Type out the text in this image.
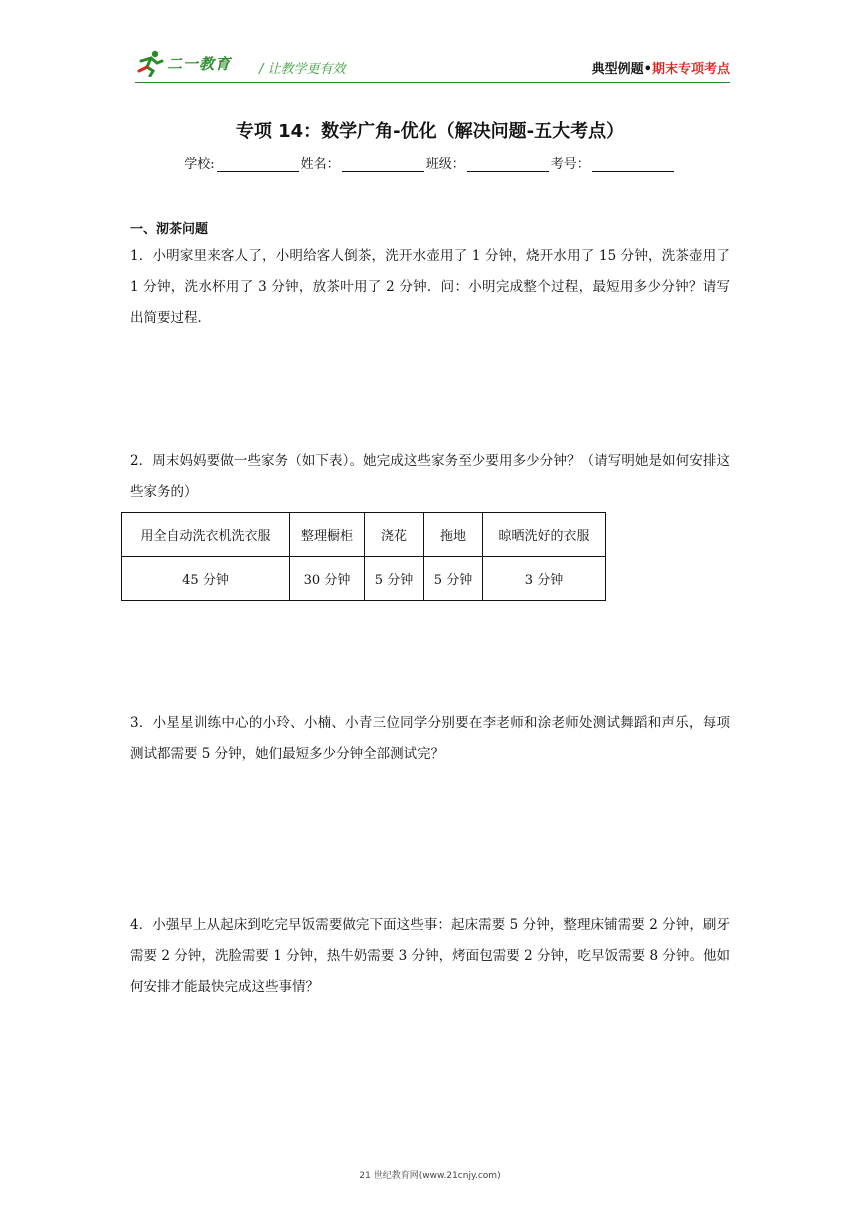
二一教育 / 让教学更有效	典型例题•期末专项考点
专项 14：数学广角-优化（解决问题-五大考点）
学校:	姓名：	班级：	考号：
一、沏茶问题
1．小明家里来客人了，小明给客人倒茶，洗开水壶用了 1 分钟，烧开水用了 15 分钟，洗茶壶用了 1 分钟，洗水杯用了 3 分钟，放茶叶用了 2 分钟．问：小明完成整个过程，最短用多少分钟？请写出简要过程．
2．周末妈妈要做一些家务（如下表）。她完成这些家务至少要用多少分钟？（请写明她是如何安排这些家务的）
用全自动洗衣机洗衣服	整理橱柜	浇花	拖地	晾晒洗好的衣服
45 分钟	30 分钟	5 分钟	5 分钟	3 分钟
3．小星星训练中心的小玲、小楠、小青三位同学分别要在李老师和涂老师处测试舞蹈和声乐，每项测试都需要 5 分钟，她们最短多少分钟全部测试完？
4．小强早上从起床到吃完早饭需要做完下面这些事：起床需要 5 分钟，整理床铺需要 2 分钟，刷牙需要 2 分钟，洗脸需要 1 分钟，热牛奶需要 3 分钟，烤面包需要 2 分钟，吃早饭需要 8 分钟。他如何安排才能最快完成这些事情？
21 世纪教育网(www.21cnjy.com)
